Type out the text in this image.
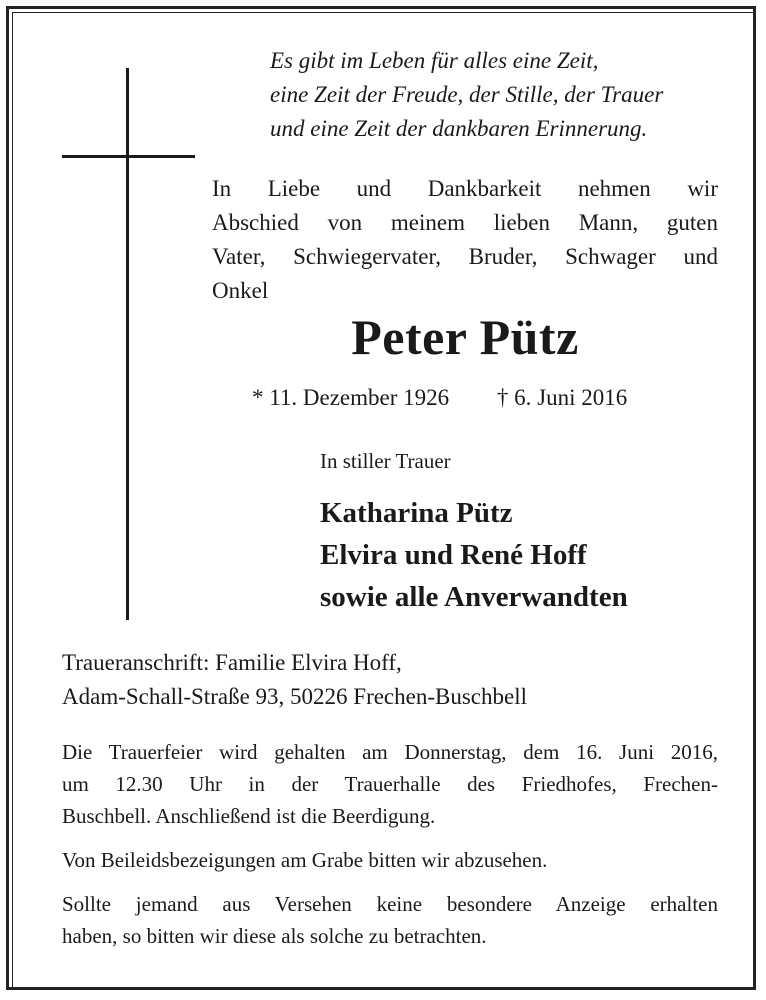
Es gibt im Leben für alles eine Zeit,
eine Zeit der Freude, der Stille, der Trauer
und eine Zeit der dankbaren Erinnerung.
In Liebe und Dankbarkeit nehmen wir
Abschied von meinem lieben Mann, guten
Vater, Schwiegervater, Bruder, Schwager und
Onkel
Peter Pütz
* 11. Dezember 1926 † 6. Juni 2016
In stiller Trauer
Katharina Pütz
Elvira und René Hoff
sowie alle Anverwandten
Traueranschrift: Familie Elvira Hoff,
Adam-Schall-Straße 93, 50226 Frechen-Buschbell

Die Trauerfeier wird gehalten am Donnerstag, dem 16. Juni 2016,
um 12.30 Uhr in der Trauerhalle des Friedhofes, Frechen-
Buschbell. Anschließend ist die Beerdigung.

Von Beileidsbezeigungen am Grabe bitten wir abzusehen.

Sollte jemand aus Versehen keine besondere Anzeige erhalten
haben, so bitten wir diese als solche zu betrachten.
